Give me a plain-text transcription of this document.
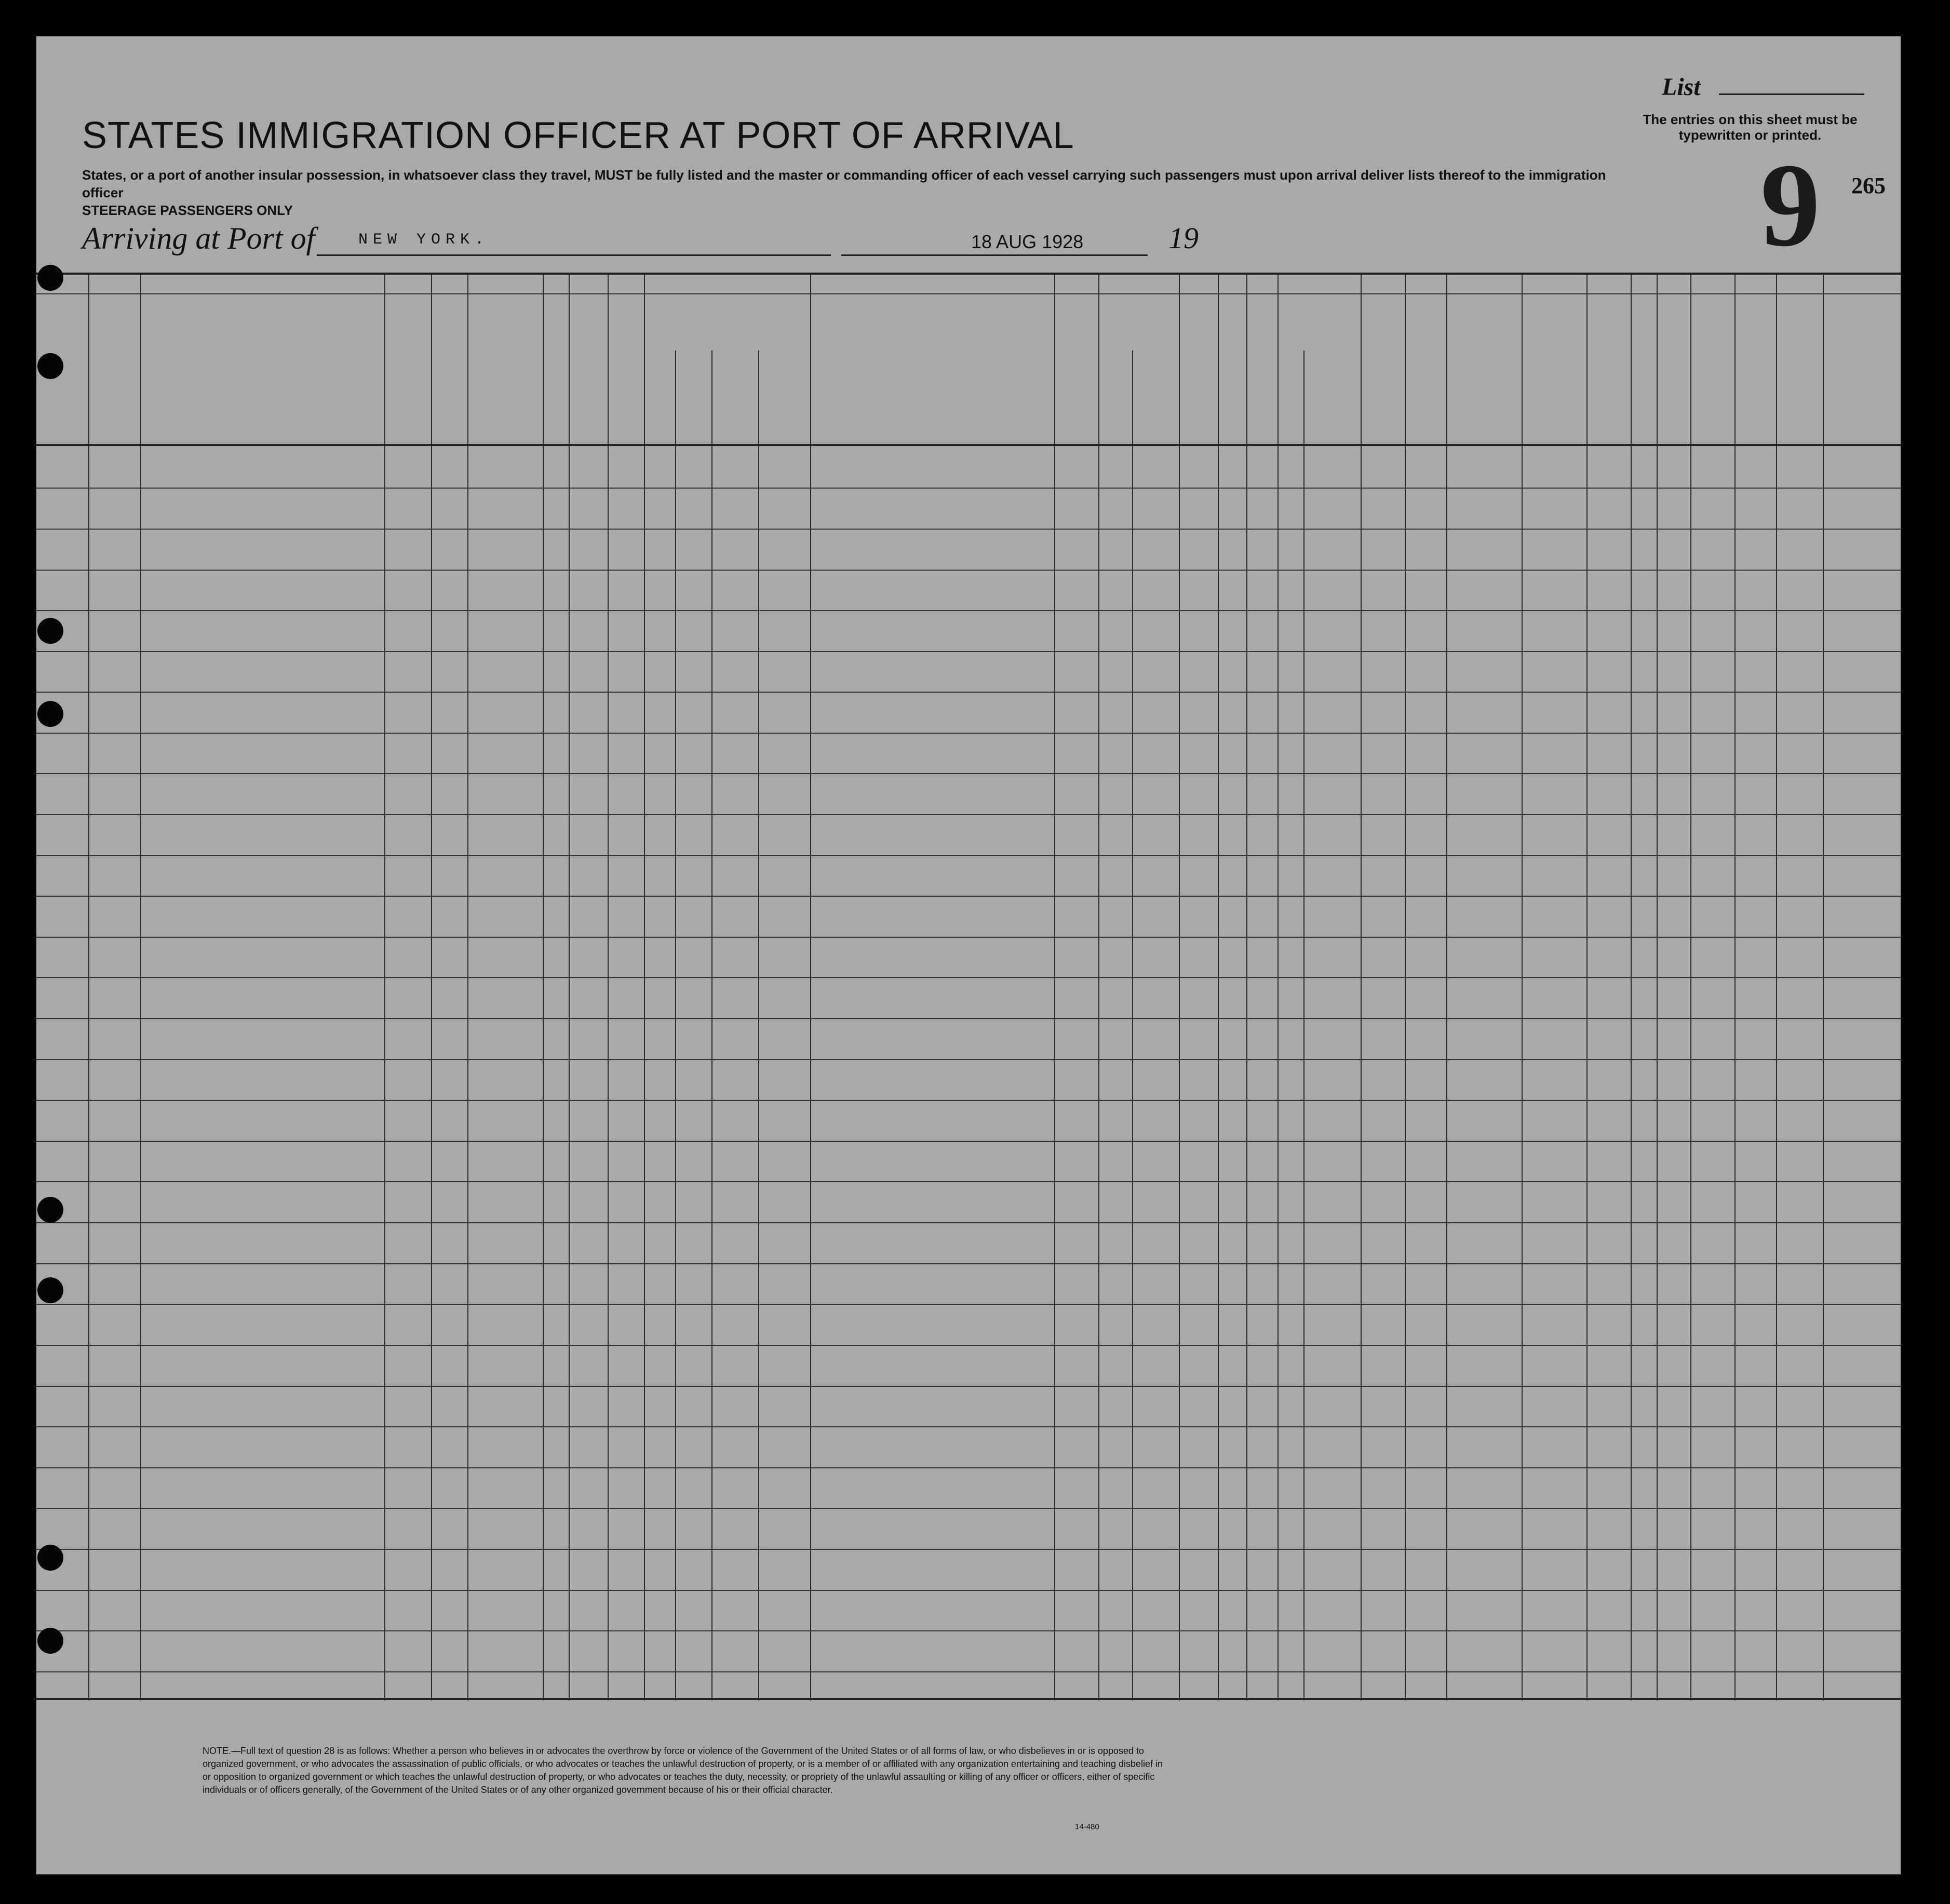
List
STATES IMMIGRATION OFFICER AT PORT OF ARRIVAL	The entries on this sheet must be typewritten or printed.
9 265
States, or a port of another insular possession, in whatsoever class they travel, MUST be fully listed and the master or commanding officer of each vessel carrying such passengers must upon arrival deliver lists thereof to the immigration officer
STEERAGE PASSENGERS ONLY
Arriving at Port of	NEW YORK.	18 AUG 1928	19
NOTE.—Full text of question 28 is as follows: Whether a person who believes in or advocates the overthrow by force or violence of the Government of the United States or of all forms of law, or who disbelieves in or is opposed to organized government, or who advocates the assassination of public officials, or who advocates or teaches the unlawful destruction of property, or is a member of or affiliated with any organization entertaining and teaching disbelief in or opposition to organized government or which teaches the unlawful destruction of property, or who advocates or teaches the duty, necessity, or propriety of the unlawful assaulting or killing of any officer or officers, either of specific individuals or of officers generally, of the Government of the United States or of any other organized government because of his or their official character.
14-480
